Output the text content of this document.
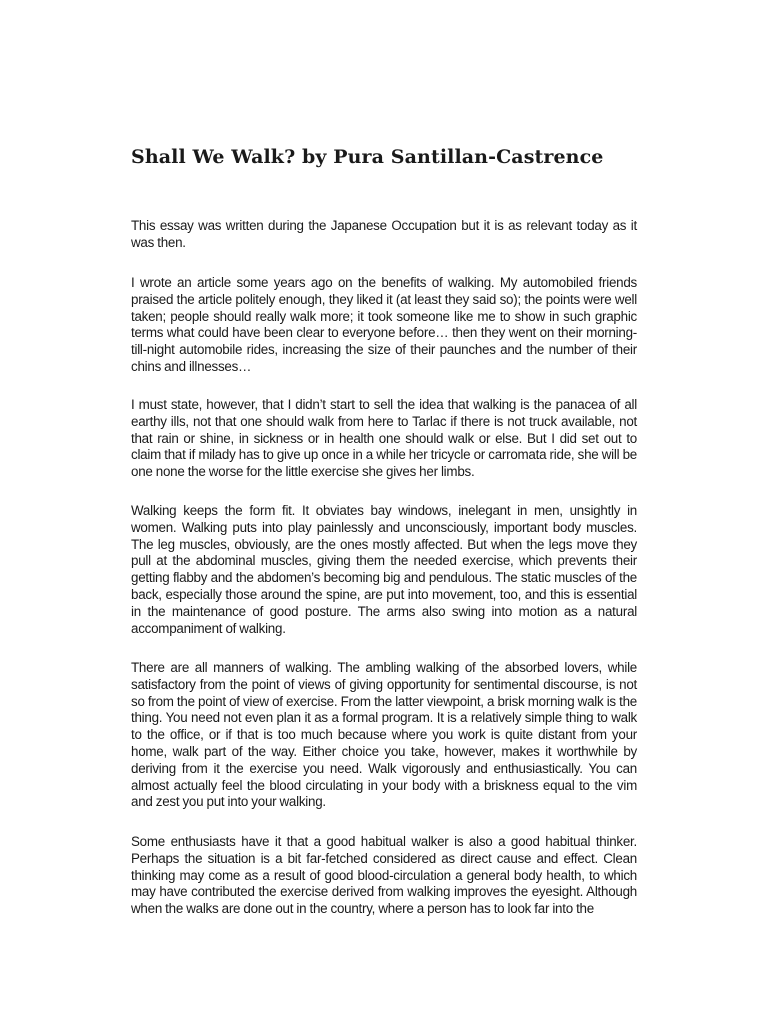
Shall We Walk? by Pura Santillan-Castrence

This essay was written during the Japanese Occupation but it is as relevant today as it was then.

I wrote an article some years ago on the benefits of walking. My automobiled friends praised the article politely enough, they liked it (at least they said so); the points were well taken; people should really walk more; it took someone like me to show in such graphic terms what could have been clear to everyone before… then they went on their morning-till-night automobile rides, increasing the size of their paunches and the number of their chins and illnesses…

I must state, however, that I didn’t start to sell the idea that walking is the panacea of all earthy ills, not that one should walk from here to Tarlac if there is not truck available, not that rain or shine, in sickness or in health one should walk or else. But I did set out to claim that if milady has to give up once in a while her tricycle or carromata ride, she will be one none the worse for the little exercise she gives her limbs.

Walking keeps the form fit. It obviates bay windows, inelegant in men, unsightly in women. Walking puts into play painlessly and unconsciously, important body muscles. The leg muscles, obviously, are the ones mostly affected. But when the legs move they pull at the abdominal muscles, giving them the needed exercise, which prevents their getting flabby and the abdomen’s becoming big and pendulous. The static muscles of the back, especially those around the spine, are put into movement, too, and this is essential in the maintenance of good posture. The arms also swing into motion as a natural accompaniment of walking.

There are all manners of walking. The ambling walking of the absorbed lovers, while satisfactory from the point of views of giving opportunity for sentimental discourse, is not so from the point of view of exercise. From the latter viewpoint, a brisk morning walk is the thing. You need not even plan it as a formal program. It is a relatively simple thing to walk to the office, or if that is too much because where you work is quite distant from your home, walk part of the way. Either choice you take, however, makes it worthwhile by deriving from it the exercise you need. Walk vigorously and enthusiastically. You can almost actually feel the blood circulating in your body with a briskness equal to the vim and zest you put into your walking.

Some enthusiasts have it that a good habitual walker is also a good habitual thinker. Perhaps the situation is a bit far-fetched considered as direct cause and effect. Clean thinking may come as a result of good blood-circulation a general body health, to which may have contributed the exercise derived from walking improves the eyesight. Although when the walks are done out in the country, where a person has to look far into the
